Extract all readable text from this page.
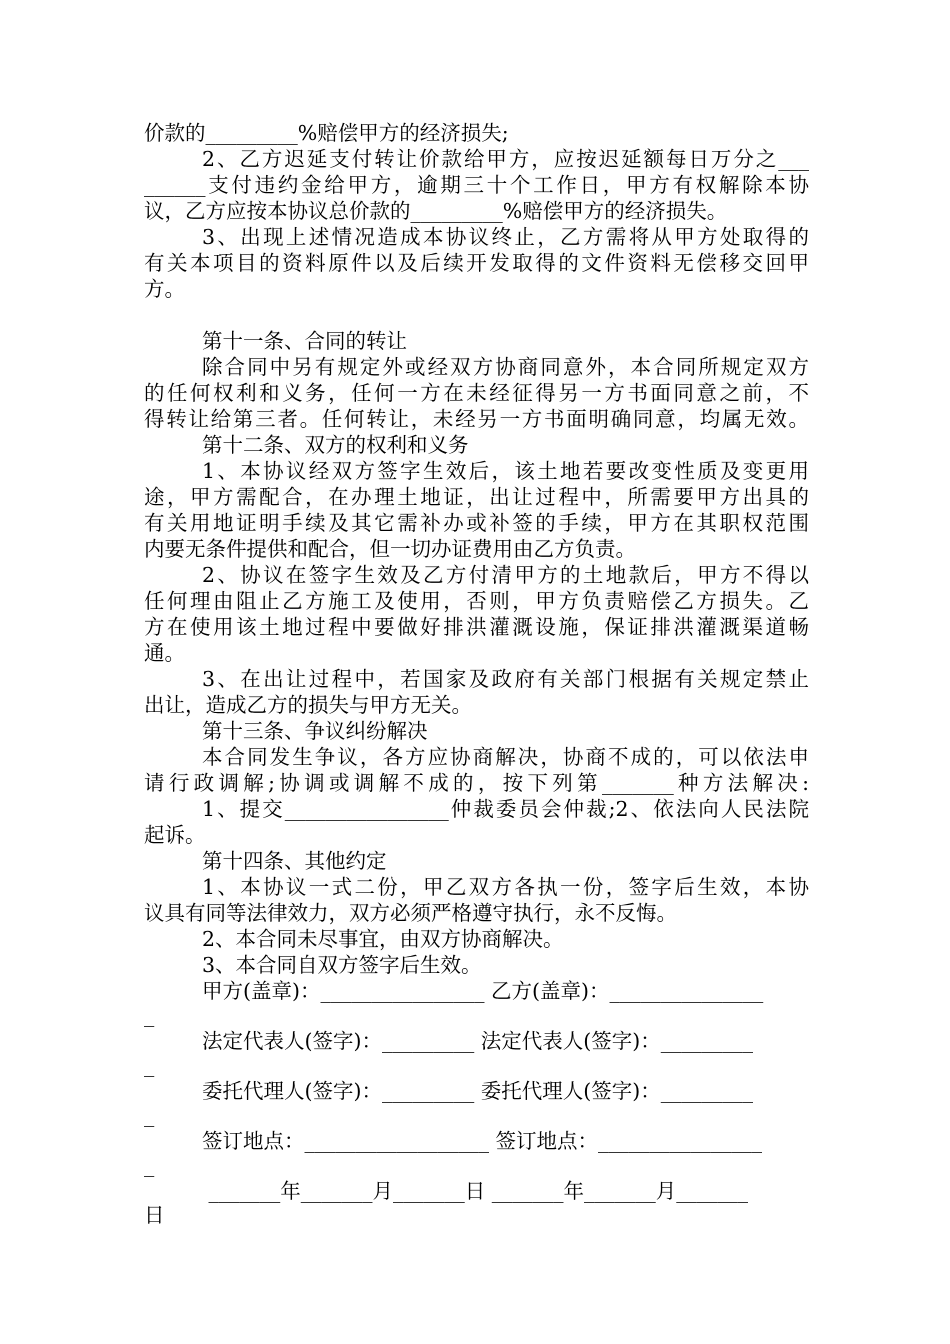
价款的_________%赔偿甲方的经济损失;
2、乙方迟延支付转让价款给甲方，应按迟延额每日万分之___
______支付违约金给甲方，逾期三十个工作日，甲方有权解除本协
议，乙方应按本协议总价款的_________%赔偿甲方的经济损失。
3、出现上述情况造成本协议终止，乙方需将从甲方处取得的
有关本项目的资料原件以及后续开发取得的文件资料无偿移交回甲
方。

第十一条、合同的转让
除合同中另有规定外或经双方协商同意外，本合同所规定双方
的任何权利和义务，任何一方在未经征得另一方书面同意之前，不
得转让给第三者。任何转让，未经另一方书面明确同意，均属无效。
第十二条、双方的权利和义务
1、本协议经双方签字生效后，该土地若要改变性质及变更用
途，甲方需配合，在办理土地证，出让过程中，所需要甲方出具的
有关用地证明手续及其它需补办或补签的手续，甲方在其职权范围
内要无条件提供和配合，但一切办证费用由乙方负责。
2、协议在签字生效及乙方付清甲方的土地款后，甲方不得以
任何理由阻止乙方施工及使用，否则，甲方负责赔偿乙方损失。乙
方在使用该土地过程中要做好排洪灌溉设施，保证排洪灌溉渠道畅
通。
3、在出让过程中，若国家及政府有关部门根据有关规定禁止
出让，造成乙方的损失与甲方无关。
第十三条、争议纠纷解决
本合同发生争议，各方应协商解决，协商不成的，可以依法申
请行政调解;协调或调解不成的，按下列第_______种方法解决:
1、提交________________仲裁委员会仲裁;2、依法向人民法院
起诉。
第十四条、其他约定
1、本协议一式二份，甲乙双方各执一份，签字后生效，本协
议具有同等法律效力，双方必须严格遵守执行，永不反悔。
2、本合同未尽事宜，由双方协商解决。
3、本合同自双方签字后生效。
甲方(盖章)：________________ 乙方(盖章)：_______________
_
法定代表人(签字)：_________ 法定代表人(签字)：_________
_
委托代理人(签字)：_________ 委托代理人(签字)：_________
_
签订地点：__________________ 签订地点：________________
_
_______年_______月_______日 _______年_______月_______
日
